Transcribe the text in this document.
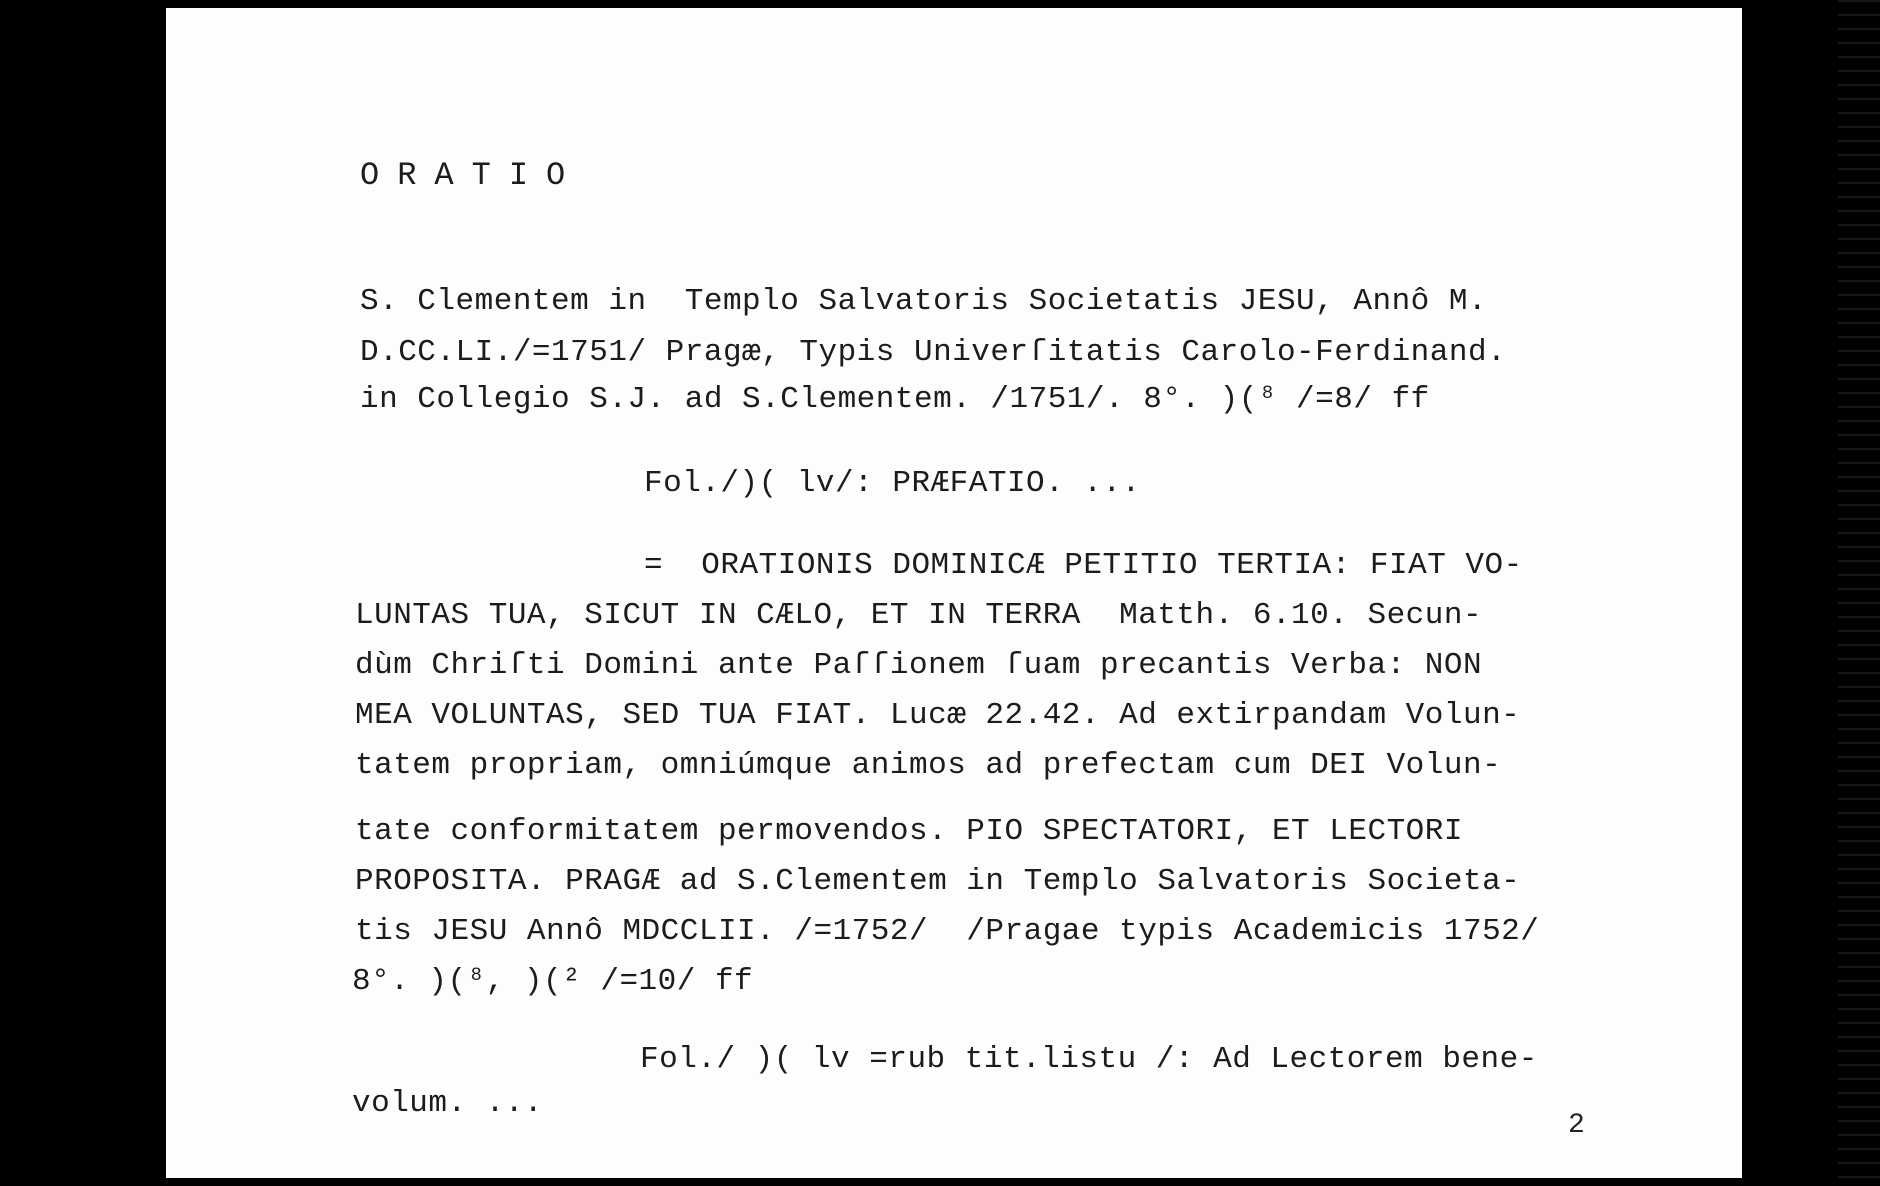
ORATIO
S. Clementem in  Templo Salvatoris Societatis JESU, Annô M.
D.CC.LI./=1751/ Pragæ, Typis Univerſitatis Carolo-Ferdinand.
in Collegio S.J. ad S.Clementem. /1751/. 8°. )(⁸ /=8/ ff
Fol./)( lv/: PRÆFATIO. ...
=  ORATIONIS DOMINICÆ PETITIO TERTIA: FIAT VO-
LUNTAS TUA, SICUT IN CÆLO, ET IN TERRA  Matth. 6.10. Secun-
dùm Chriſti Domini ante Paſſionem ſuam precantis Verba: NON
MEA VOLUNTAS, SED TUA FIAT. Lucæ 22.42. Ad extirpandam Volun-
tatem propriam, omniúmque animos ad prefectam cum DEI Volun-
tate conformitatem permovendos. PIO SPECTATORI, ET LECTORI
PROPOSITA. PRAGÆ ad S.Clementem in Templo Salvatoris Societa-
tis JESU Annô MDCCLII. /=1752/  /Pragae typis Academicis 1752/
8°. )(⁸, )(² /=10/ ff
Fol./ )( lv =rub tit.listu /: Ad Lectorem bene-
volum. ...
2
